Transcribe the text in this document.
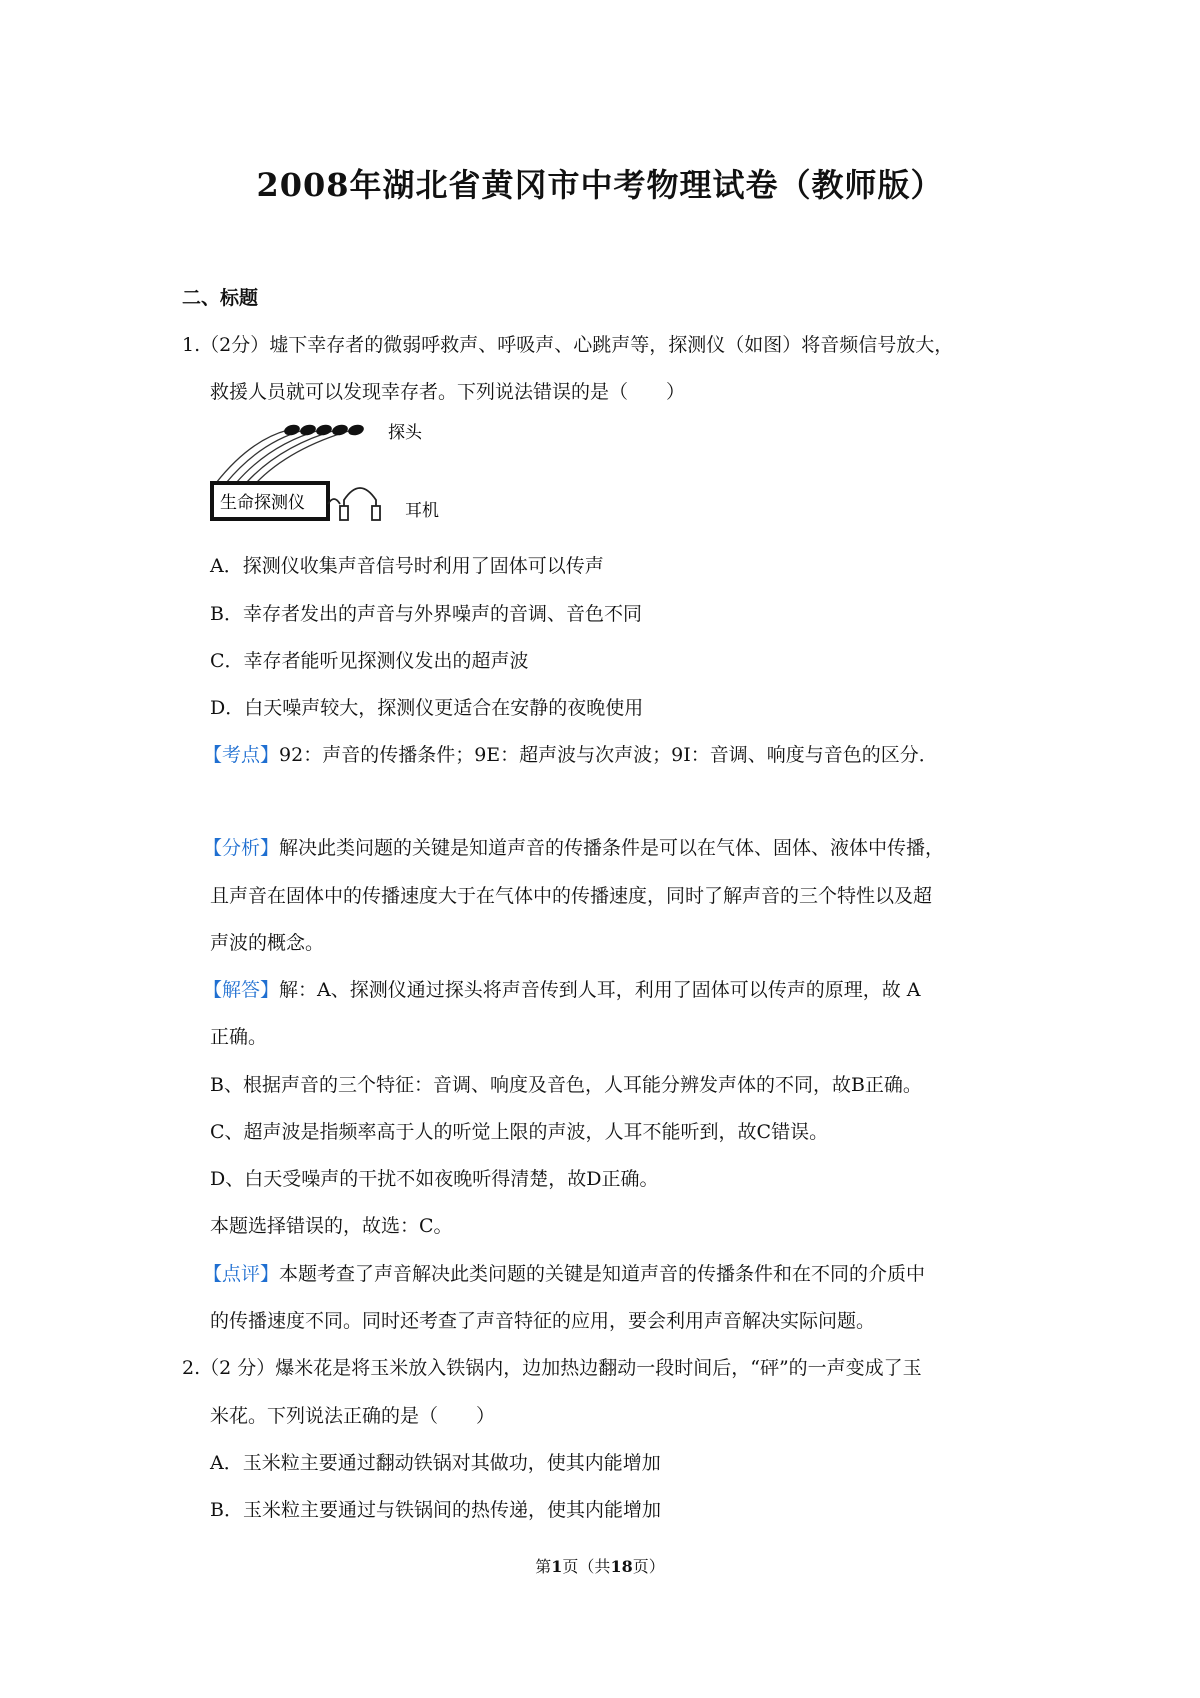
2008年湖北省黄冈市中考物理试卷（教师版）
二、标题
1.（2分）墟下幸存者的微弱呼救声、呼吸声、心跳声等，探测仪（如图）将音频信号放大，
救援人员就可以发现幸存者。下列说法错误的是（　　）
探头
生命探测仪	耳机
A．探测仪收集声音信号时利用了固体可以传声
B．幸存者发出的声音与外界噪声的音调、音色不同
C．幸存者能听见探测仪发出的超声波
D．白天噪声较大，探测仪更适合在安静的夜晚使用
【考点】92：声音的传播条件；9E：超声波与次声波；9I：音调、响度与音色的区分．
【分析】解决此类问题的关键是知道声音的传播条件是可以在气体、固体、液体中传播，
且声音在固体中的传播速度大于在气体中的传播速度，同时了解声音的三个特性以及超
声波的概念。
【解答】解：A、探测仪通过探头将声音传到人耳，利用了固体可以传声的原理，故 A
正确。
B、根据声音的三个特征：音调、响度及音色，人耳能分辨发声体的不同，故B正确。
C、超声波是指频率高于人的听觉上限的声波，人耳不能听到，故C错误。
D、白天受噪声的干扰不如夜晚听得清楚，故D正确。
本题选择错误的，故选：C。
【点评】本题考查了声音解决此类问题的关键是知道声音的传播条件和在不同的介质中
的传播速度不同。同时还考查了声音特征的应用，要会利用声音解决实际问题。
2.（2 分）爆米花是将玉米放入铁锅内，边加热边翻动一段时间后，“砰”的一声变成了玉
米花。下列说法正确的是（　　）
A．玉米粒主要通过翻动铁锅对其做功，使其内能增加
B．玉米粒主要通过与铁锅间的热传递，使其内能增加
第1页（共18页）
